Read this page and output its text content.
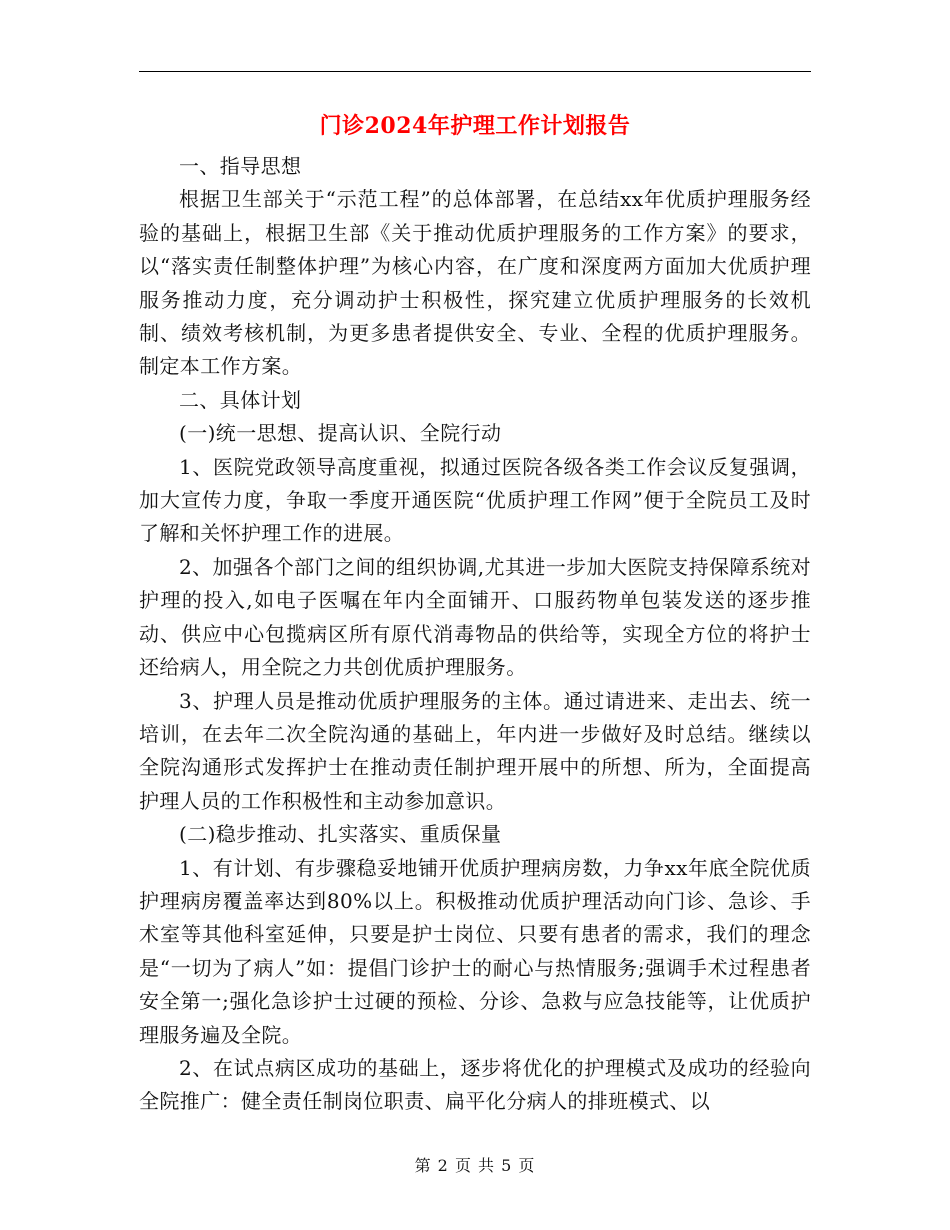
门诊2024年护理工作计划报告

一、指导思想

根据卫生部关于“示范工程”的总体部署，在总结xx年优质护理服务经验的基础上，根据卫生部《关于推动优质护理服务的工作方案》的要求，以“落实责任制整体护理”为核心内容，在广度和深度两方面加大优质护理服务推动力度，充分调动护士积极性，探究建立优质护理服务的长效机制、绩效考核机制，为更多患者提供安全、专业、全程的优质护理服务。制定本工作方案。

二、具体计划

(一)统一思想、提高认识、全院行动

1、医院党政领导高度重视，拟通过医院各级各类工作会议反复强调，加大宣传力度，争取一季度开通医院“优质护理工作网”便于全院员工及时了解和关怀护理工作的进展。

2、加强各个部门之间的组织协调,尤其进一步加大医院支持保障系统对护理的投入,如电子医嘱在年内全面铺开、口服药物单包装发送的逐步推动、供应中心包揽病区所有原代消毒物品的供给等，实现全方位的将护士还给病人，用全院之力共创优质护理服务。

3、护理人员是推动优质护理服务的主体。通过请进来、走出去、统一培训，在去年二次全院沟通的基础上，年内进一步做好及时总结。继续以全院沟通形式发挥护士在推动责任制护理开展中的所想、所为，全面提高护理人员的工作积极性和主动参加意识。

(二)稳步推动、扎实落实、重质保量

1、有计划、有步骤稳妥地铺开优质护理病房数，力争xx年底全院优质护理病房覆盖率达到80%以上。积极推动优质护理活动向门诊、急诊、手术室等其他科室延伸，只要是护士岗位、只要有患者的需求，我们的理念是“一切为了病人”如：提倡门诊护士的耐心与热情服务;强调手术过程患者安全第一;强化急诊护士过硬的预检、分诊、急救与应急技能等，让优质护理服务遍及全院。

2、在试点病区成功的基础上，逐步将优化的护理模式及成功的经验向全院推广：健全责任制岗位职责、扁平化分病人的排班模式、以

第 2 页 共 5 页
